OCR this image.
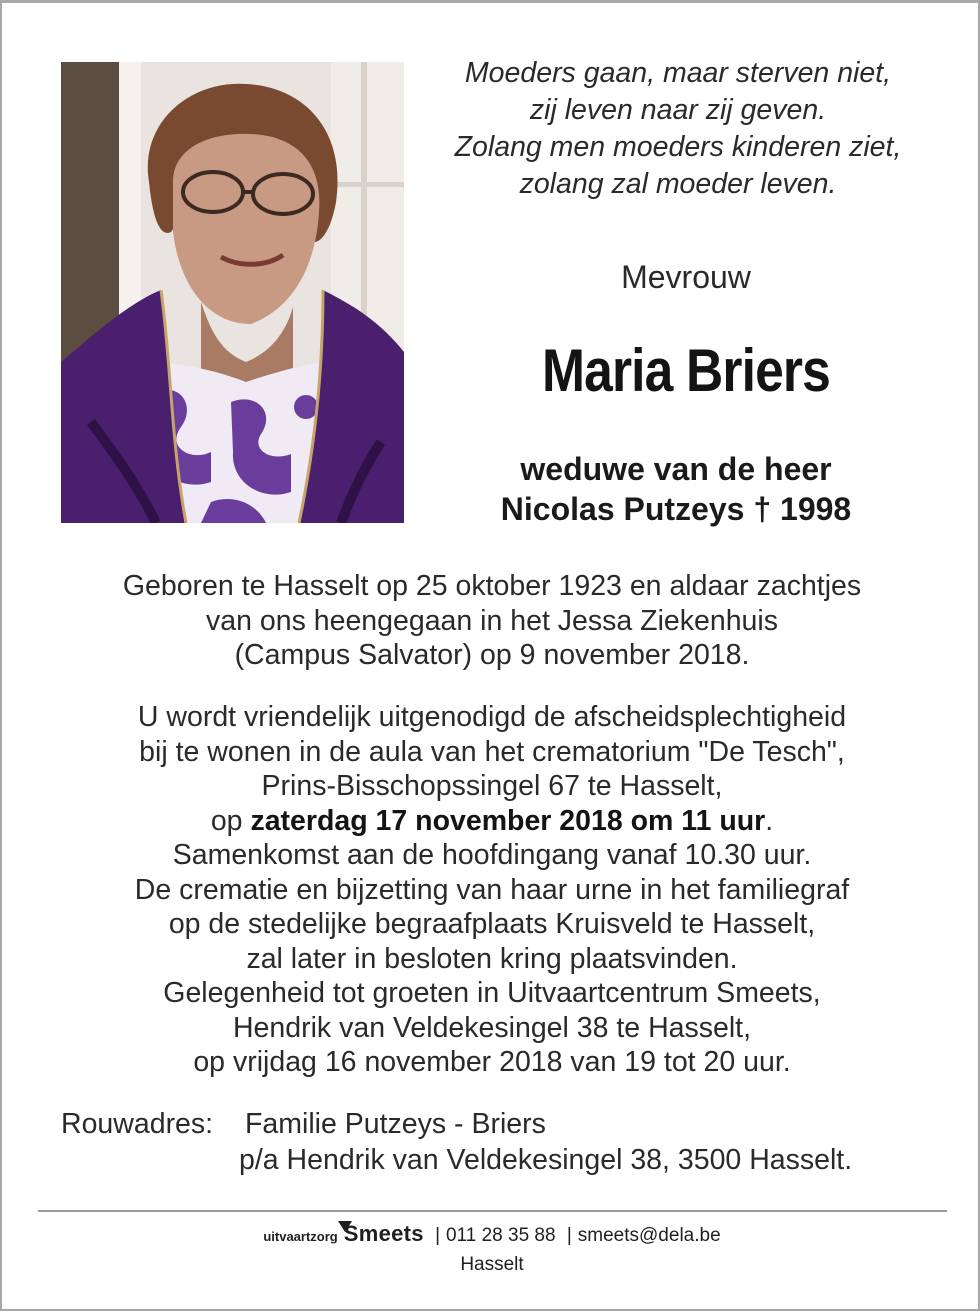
Moeders gaan, maar sterven niet,
zij leven naar zij geven.
Zolang men moeders kinderen ziet,
zolang zal moeder leven.
Mevrouw
Maria Briers
weduwe van de heer
Nicolas Putzeys † 1998
Geboren te Hasselt op 25 oktober 1923 en aldaar zachtjes
van ons heengegaan in het Jessa Ziekenhuis
(Campus Salvator) op 9 november 2018.
U wordt vriendelijk uitgenodigd de afscheidsplechtigheid
bij te wonen in de aula van het crematorium "De Tesch",
Prins-Bisschopssingel 67 te Hasselt,
op zaterdag 17 november 2018 om 11 uur.
Samenkomst aan de hoofdingang vanaf 10.30 uur.
De crematie en bijzetting van haar urne in het familiegraf
op de stedelijke begraafplaats Kruisveld te Hasselt,
zal later in besloten kring plaatsvinden.
Gelegenheid tot groeten in Uitvaartcentrum Smeets,
Hendrik van Veldekesingel 38 te Hasselt,
op vrijdag 16 november 2018 van 19 tot 20 uur.
Rouwadres: Familie Putzeys - Briers
p/a Hendrik van Veldekesingel 38, 3500 Hasselt.
uitvaartzorg Smeets | 011 28 35 88 | smeets@dela.be
Hasselt
